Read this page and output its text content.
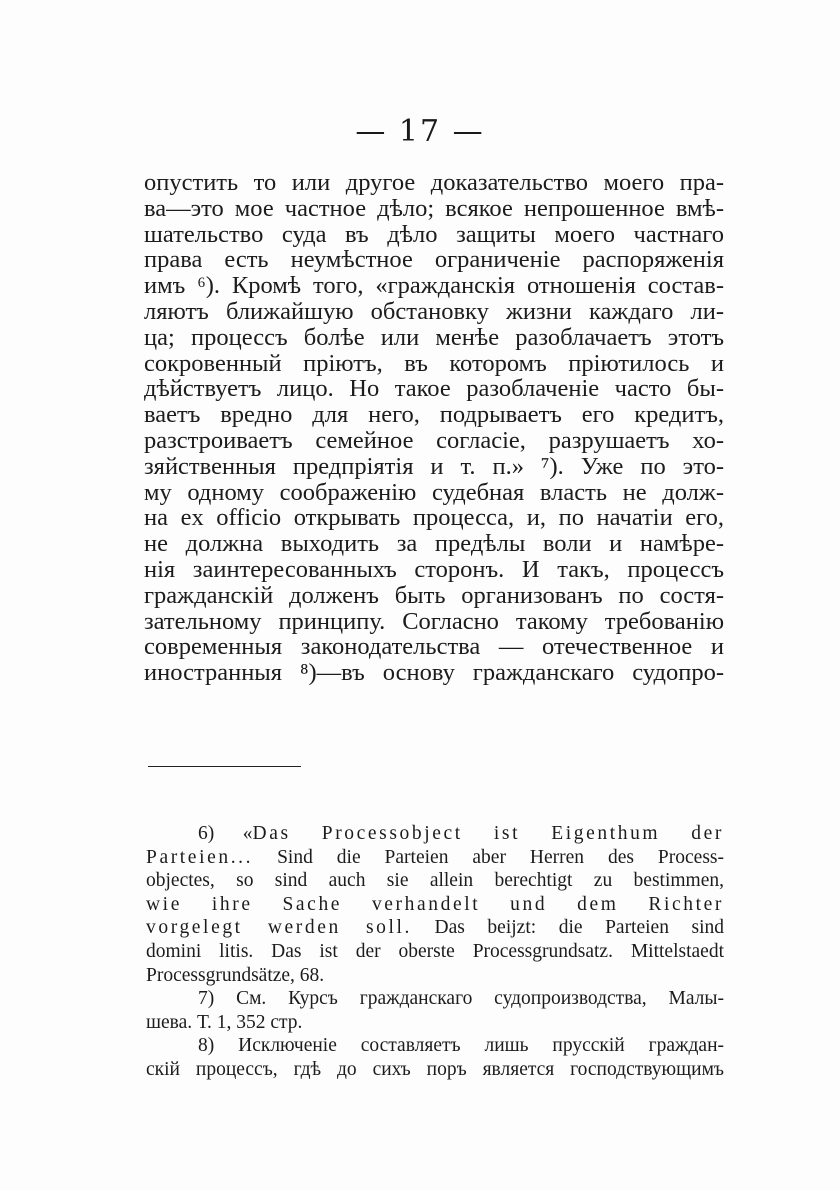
— 17 —
опустить то или другое доказательство моего пра-
ва—это мое частное дѣло; всякое непрошенное вмѣ-
шательство суда въ дѣло защиты моего частнаго
права есть неумѣстное ограниченіе распоряженія
имъ ⁶). Кромѣ того, «гражданскія отношенія состав-
ляютъ ближайшую обстановку жизни каждаго ли-
ца; процессъ болѣе или менѣе разоблачаетъ этотъ
сокровенный пріютъ, въ которомъ пріютилось и
дѣйствуетъ лицо. Но такое разоблаченіе часто бы-
ваетъ вредно для него, подрываетъ его кредитъ,
разстроиваетъ семейное согласіе, разрушаетъ хо-
зяйственныя предпріятія и т. п.» ⁷). Уже по это-
му одному соображенію судебная власть не долж-
на ex officio открывать процесса, и, по начатіи его,
не должна выходить за предѣлы воли и намѣре-
нія заинтересованныхъ сторонъ. И такъ, процессъ
гражданскій долженъ быть организованъ по состя-
зательному принципу. Согласно такому требованію
современныя законодательства — отечественное и
иностранныя ⁸)—въ основу гражданскаго судопро-
6) «Das Processobject ist Eigenthum der
Parteien... Sind die Parteien aber Herren des Process-
objectes, so sind auch sie allein berechtigt zu bestimmen,
wie ihre Sache verhandelt und dem Richter
vorgelegt werden soll. Das beijzt: die Parteien sind
domini litis. Das ist der oberste Processgrundsatz. Mittelstaedt
Processgrundsätze, 68.
7) См. Курсъ гражданскаго судопроизводства, Малы-
шева. Т. 1, 352 стр.
8) Исключеніе составляетъ лишь прусскій граждан-
скій процессъ, гдѣ до сихъ поръ является господствующимъ
